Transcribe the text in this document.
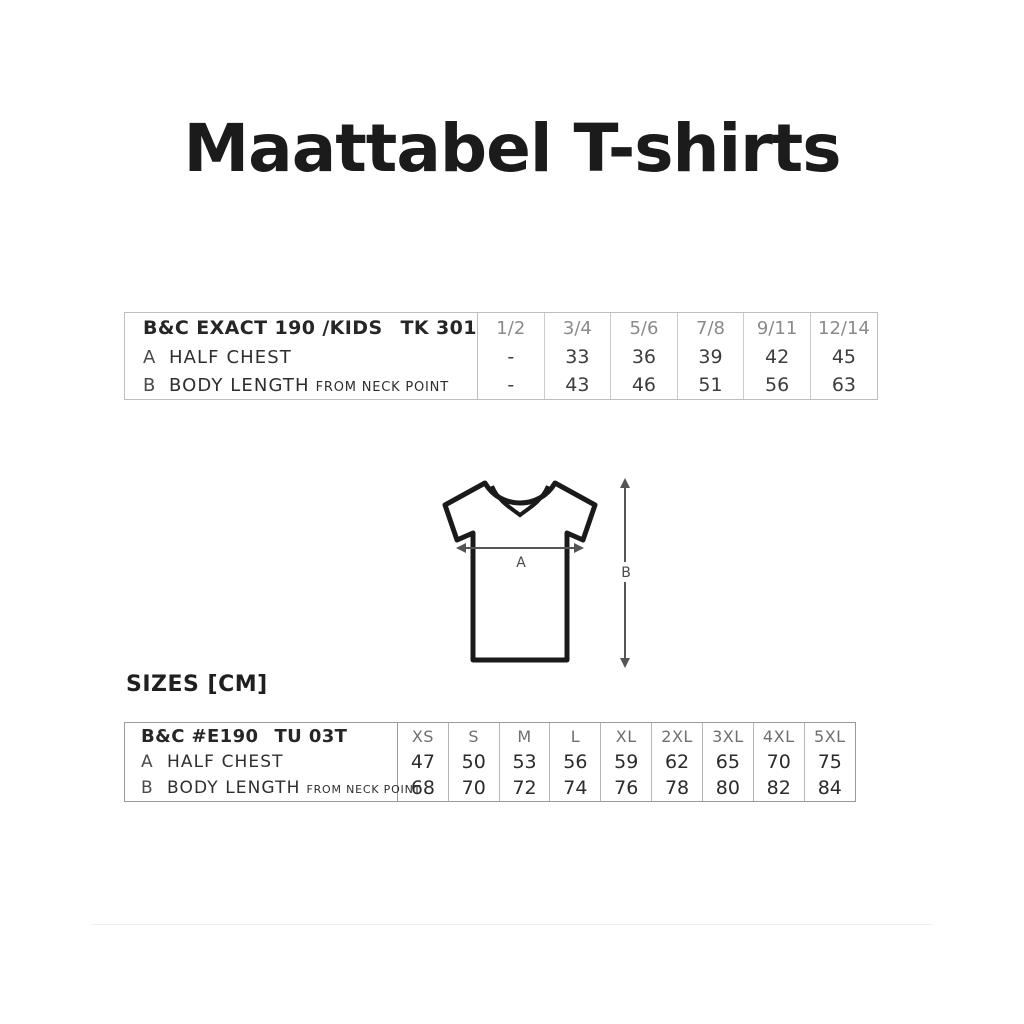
Maattabel T-shirts
B&C EXACT 190 /KIDS TK 301	1/2	3/4	5/6	7/8	9/11	12/14

A HALF CHEST	-	33	36	39	42	45

B BODY LENGTH FROM NECK POINT	-	43	46	51	56	63
A
B
SIZES [CM]
B&C #E190 TU 03T	XS	S	M	L	XL	2XL	3XL	4XL	5XL

A HALF CHEST	47	50	53	56	59	62	65	70	75

B BODY LENGTH FROM NECK POINT	68	70	72	74	76	78	80	82	84
